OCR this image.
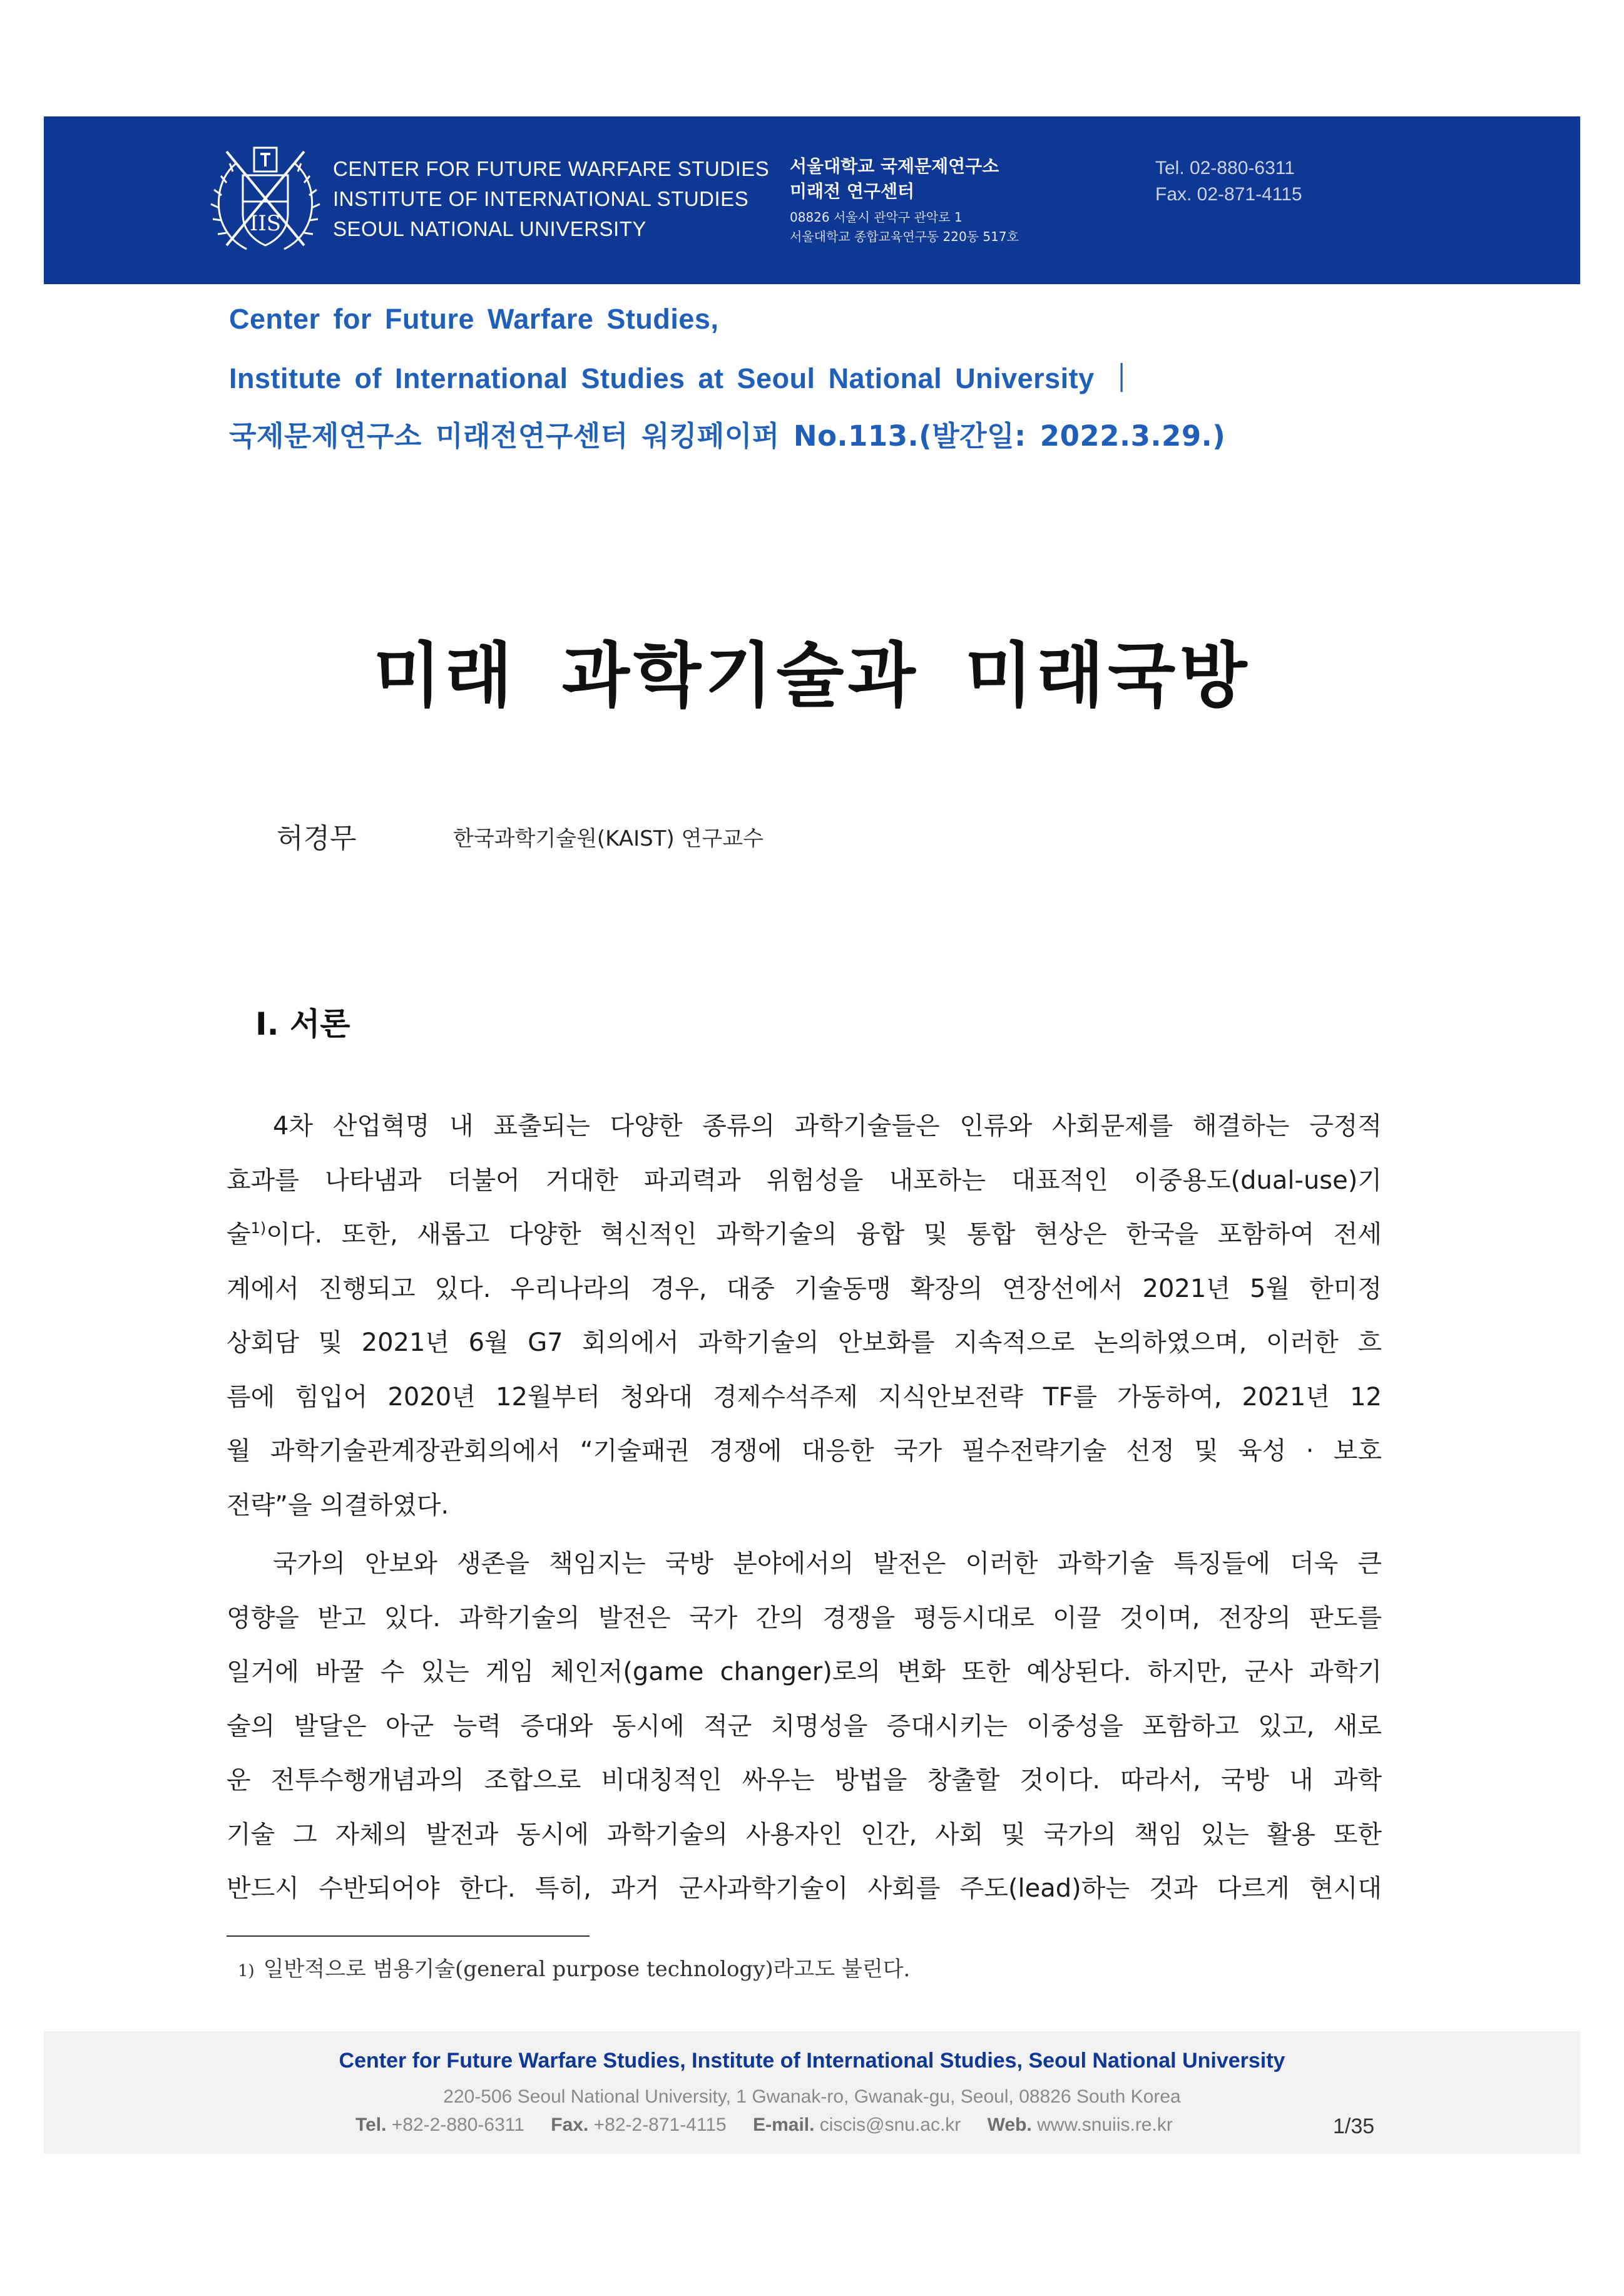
IIS
CENTER FOR FUTURE WARFARE STUDIES
INSTITUTE OF INTERNATIONAL STUDIES
SEOUL NATIONAL UNIVERSITY
서울대학교 국제문제연구소
미래전 연구센터
08826 서울시 관악구 관악로 1
서울대학교 종합교육연구동 220동 517호
Tel. 02-880-6311
Fax. 02-871-4115
Center for Future Warfare Studies,
Institute of International Studies at Seoul National University ｜
국제문제연구소 미래전연구센터 워킹페이퍼 No.113.(발간일: 2022.3.29.)
미래 과학기술과 미래국방
허경무	한국과학기술원(KAIST) 연구교수
I. 서론
4차 산업혁명 내 표출되는 다양한 종류의 과학기술들은 인류와 사회문제를 해결하는 긍정적
효과를 나타냄과 더불어 거대한 파괴력과 위험성을 내포하는 대표적인 이중용도(dual-use)기
술$^{1)}$이다. 또한, 새롭고 다양한 혁신적인 과학기술의 융합 및 통합 현상은 한국을 포함하여 전세
계에서 진행되고 있다. 우리나라의 경우, 대중 기술동맹 확장의 연장선에서 2021년 5월 한미정
상회담 및 2021년 6월 G7 회의에서 과학기술의 안보화를 지속적으로 논의하였으며, 이러한 흐
름에 힘입어 2020년 12월부터 청와대 경제수석주제 지식안보전략 TF를 가동하여, 2021년 12
월 과학기술관계장관회의에서 “기술패권 경쟁에 대응한 국가 필수전략기술 선정 및 육성 · 보호
전략”을 의결하였다.
국가의 안보와 생존을 책임지는 국방 분야에서의 발전은 이러한 과학기술 특징들에 더욱 큰
영향을 받고 있다. 과학기술의 발전은 국가 간의 경쟁을 평등시대로 이끌 것이며, 전장의 판도를
일거에 바꿀 수 있는 게임 체인저(game changer)로의 변화 또한 예상된다. 하지만, 군사 과학기
술의 발달은 아군 능력 증대와 동시에 적군 치명성을 증대시키는 이중성을 포함하고 있고, 새로
운 전투수행개념과의 조합으로 비대칭적인 싸우는 방법을 창출할 것이다. 따라서, 국방 내 과학
기술 그 자체의 발전과 동시에 과학기술의 사용자인 인간, 사회 및 국가의 책임 있는 활용 또한
반드시 수반되어야 한다. 특히, 과거 군사과학기술이 사회를 주도(lead)하는 것과 다르게 현시대
1) 일반적으로 범용기술(general purpose technology)라고도 불린다.
Center for Future Warfare Studies, Institute of International Studies, Seoul National University
220-506 Seoul National University, 1 Gwanak-ro, Gwanak-gu, Seoul, 08826 South Korea
Tel. +82-2-880-6311 Fax. +82-2-871-4115 E-mail. ciscis@snu.ac.kr Web. www.snuiis.re.kr	1/35
